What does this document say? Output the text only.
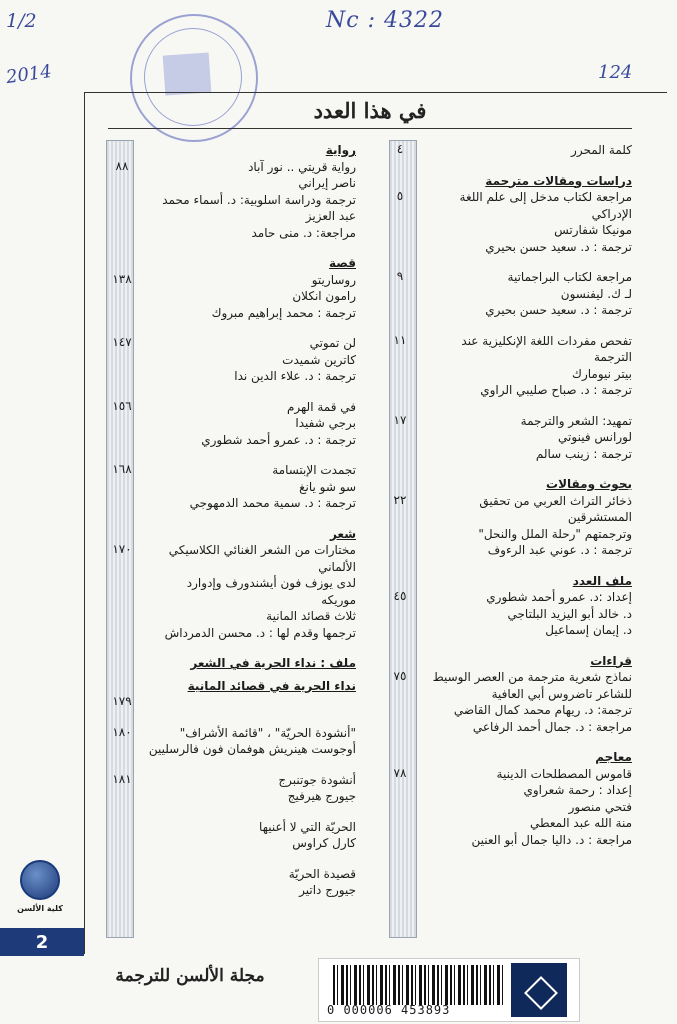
1/2	Nc : 4322
2014	124
في هذا العدد
كلمة المحرر
دراسات ومقالات مترجمة
مراجعة لكتاب مدخل إلى علم اللغة الإدراكي
مونيكا شفارتس
ترجمة : د. سعيد حسن بحيري
مراجعة لكتاب البراجماتية
لـ ك. ليفنسون
ترجمة : د. سعيد حسن بحيري
تفحص مفردات اللغة الإنكليزية عند الترجمة
بيتر نيومارك
ترجمة : د. صباح صليبي الراوي
تمهيد: الشعر والترجمة
لورانس فينوتي
ترجمة : زينب سالم
بحوث ومقالات
ذخائر التراث العربي من تحقيق المستشرقين
وترجمتهم "رحلة الملل والنحل"
ترجمة : د. عوني عبد الرءوف
ملف العدد
إعداد :د. عمرو أحمد شطوري
د. خالد أبو اليزيد البلتاجي
د. إيمان إسماعيل
قراءات
نماذج شعرية مترجمة من العصر الوسيط
للشاعر تاضروس أبي العافية
ترجمة: د. ريهام محمد كمال القاضي
مراجعة : د. جمال أحمد الرفاعي
معاجم
قاموس المصطلحات الدينية
إعداد : رحمة شعراوي
فتحي منصور
منة الله عبد المعطي
مراجعة : د. داليا جمال أبو العنين
رواية
رواية قريتي .. نور آباد
ناصر إيراني
ترجمة ودراسة اسلوبية: د. أسماء محمد
عبد العزيز
مراجعة: د. منى حامد
قصة
روساريتو
رامون انكلان
ترجمة : محمد إبراهيم مبروك
لن تموتي
كاترين شميدت
ترجمة : د. علاء الدين ندا
في قمة الهرم
برجي شفيدا
ترجمة : د. عمرو أحمد شطوري
تجمدت الإبتسامة
سو شو يانغ
ترجمة : د. سمية محمد الدمهوجي
شعر
مختارات من الشعر الغنائي الكلاسيكي
الألماني
لدى يوزف فون أيشندورف وإدوارد
موريكه
ثلاث قصائد المانية
ترجمها وقدم لها : د. محسن الدمرداش
ملف : نداء الحرية في الشعر
نداء الحرية في قصائد المانية
"أنشودة الحريّة" ، "قائمة الأشراف"
أوجوست هينريش هوفمان فون فالرسليين
أنشودة جوتنبرج
جيورج هيرفيج
الحريّة التي لا أعنيها
كارل كراوس
قصيدة الحريّة
جيورج داتير
كلية الألسن
2
مجلة الألسن للترجمة
0 000006 453893
٤
٥
٩
١١
١٧
٢٢
٤٥
٧٥
٧٨
٨٨
١٣٨
١٤٧
١٥٦
١٦٨
١٧٠
١٧٩
١٨٠
١٨١
